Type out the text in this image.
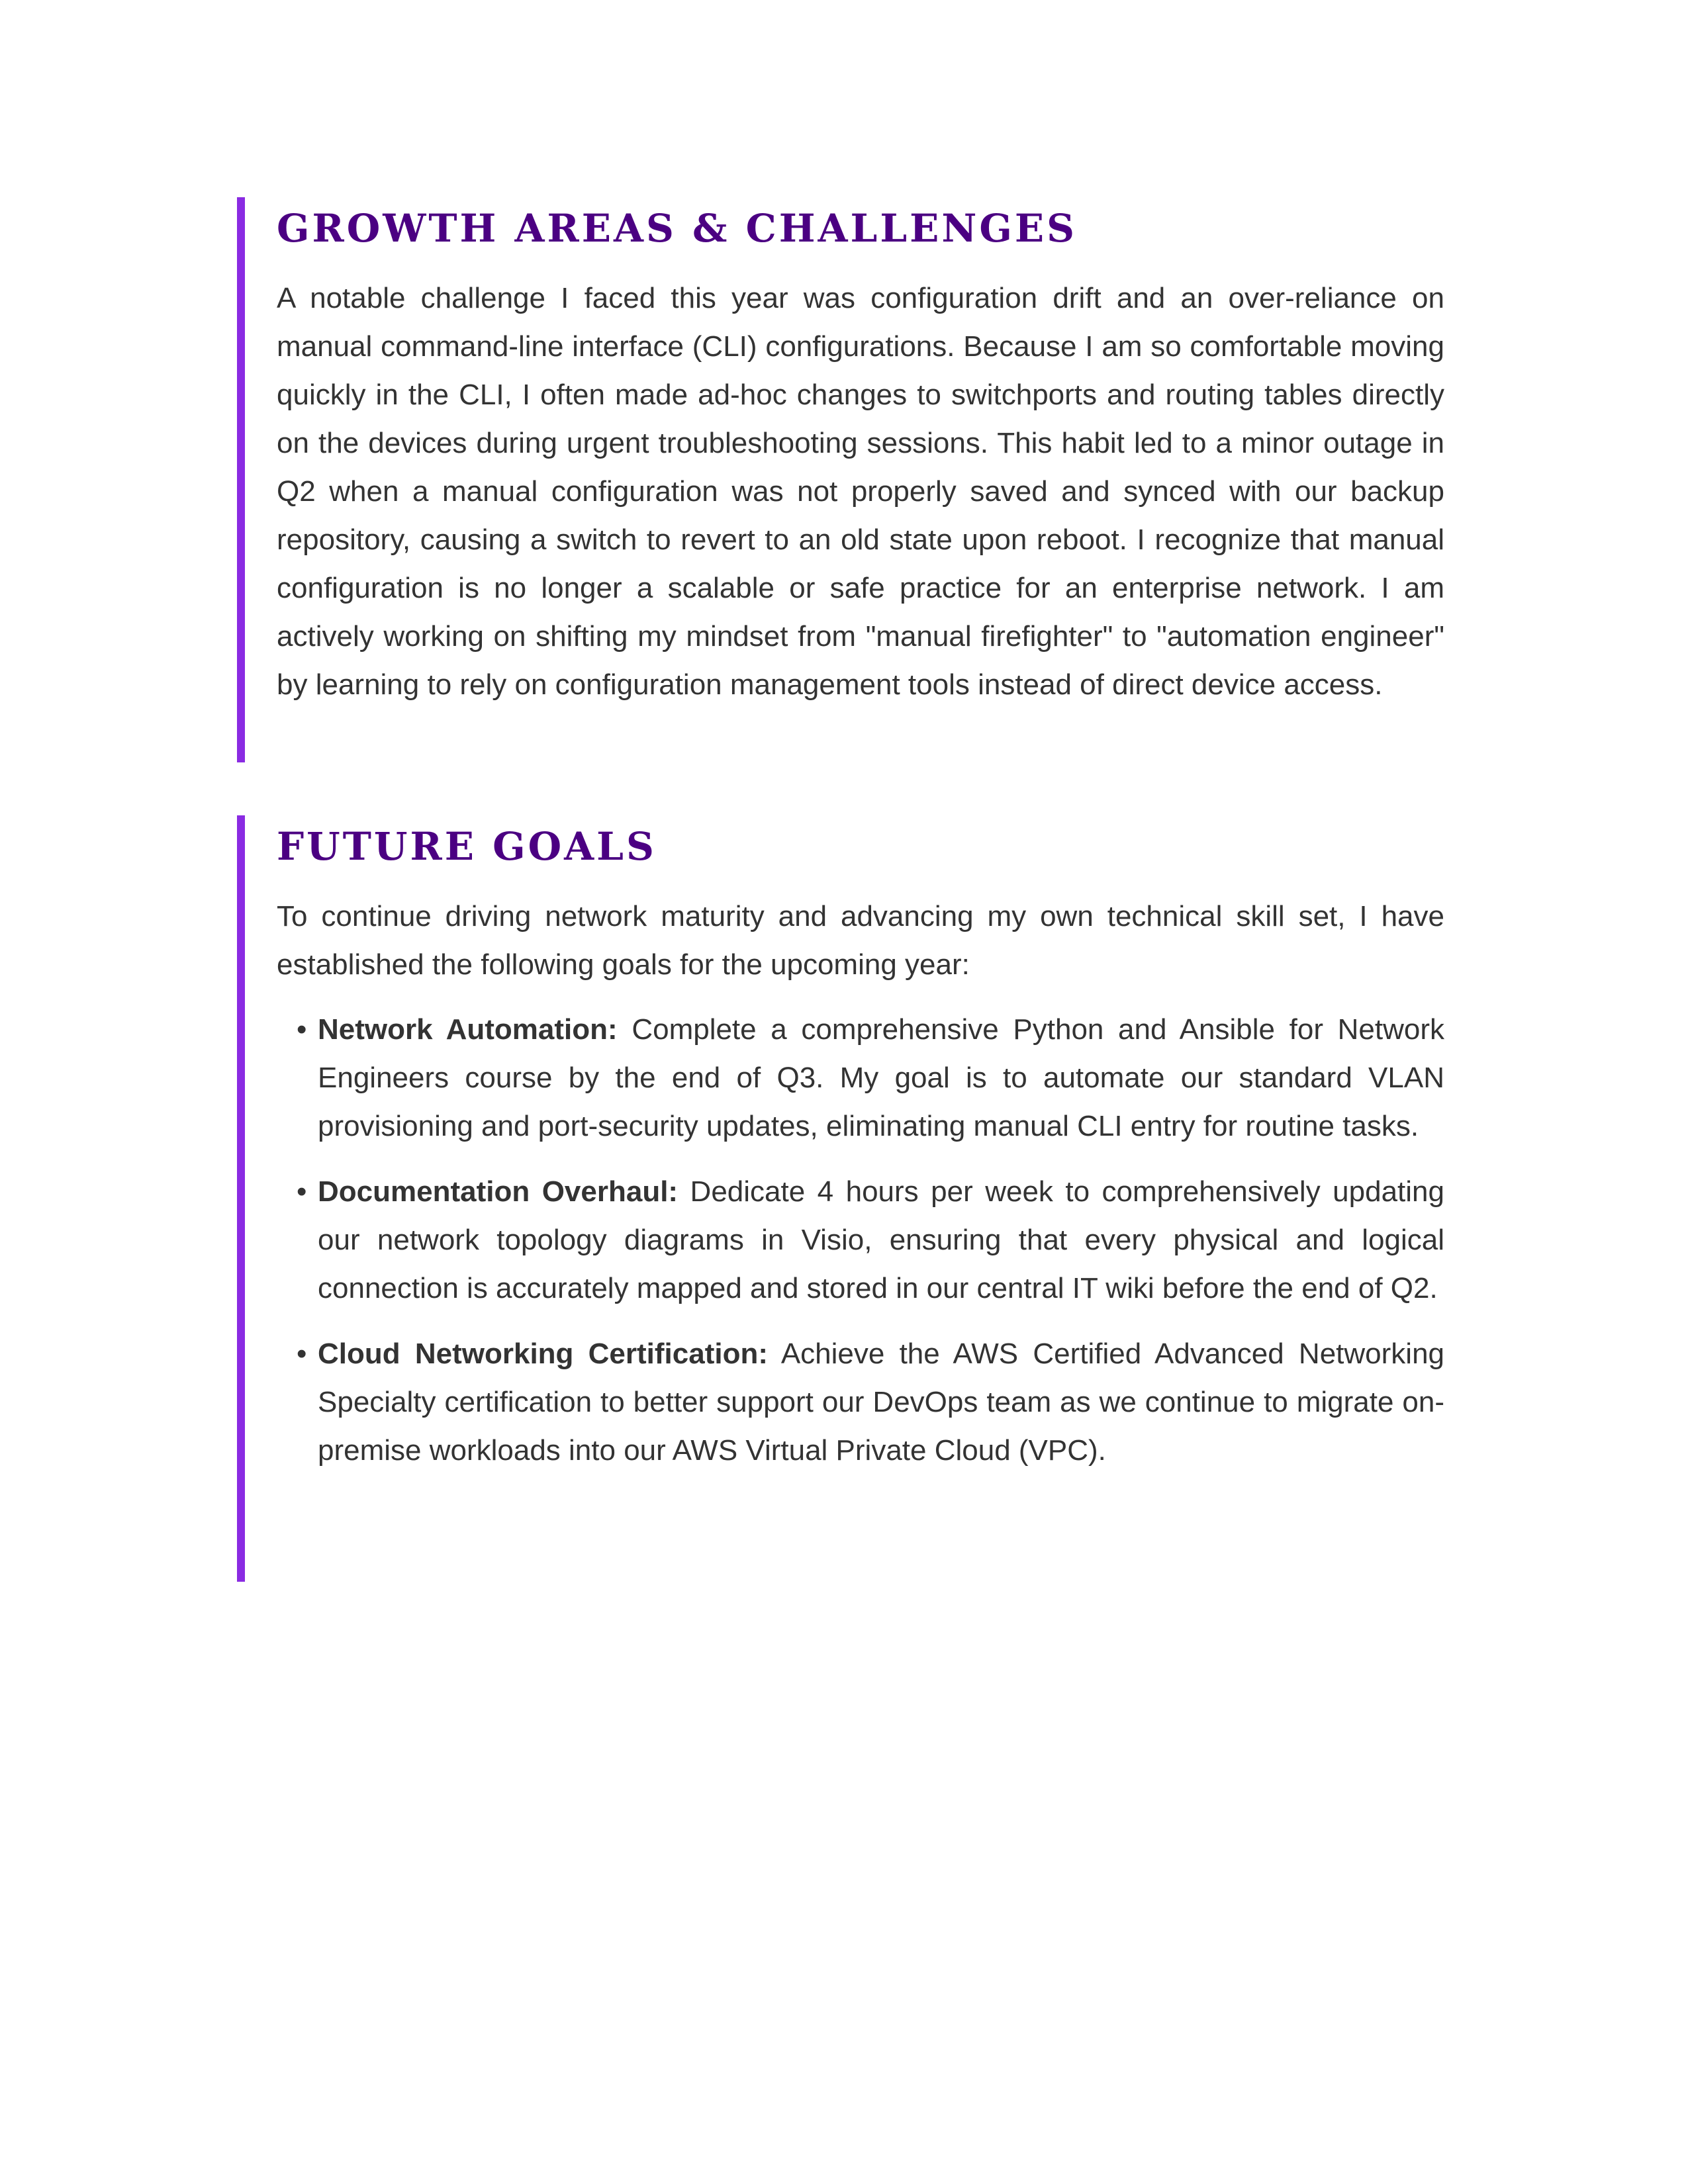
GROWTH AREAS & CHALLENGES

A notable challenge I faced this year was configuration drift and an over-reliance on manual command-line interface (CLI) configurations. Because I am so comfortable moving quickly in the CLI, I often made ad-hoc changes to switchports and routing tables directly on the devices during urgent troubleshooting sessions. This habit led to a minor outage in Q2 when a manual configuration was not properly saved and synced with our backup repository, causing a switch to revert to an old state upon reboot. I recognize that manual configuration is no longer a scalable or safe practice for an enterprise network. I am actively working on shifting my mindset from "manual firefighter" to "automation engineer" by learning to rely on configuration management tools instead of direct device access.

FUTURE GOALS

To continue driving network maturity and advancing my own technical skill set, I have established the following goals for the upcoming year:

• Network Automation: Complete a comprehensive Python and Ansible for Network Engineers course by the end of Q3. My goal is to automate our standard VLAN provisioning and port-security updates, eliminating manual CLI entry for routine tasks.
• Documentation Overhaul: Dedicate 4 hours per week to comprehensively updating our network topology diagrams in Visio, ensuring that every physical and logical connection is accurately mapped and stored in our central IT wiki before the end of Q2.
• Cloud Networking Certification: Achieve the AWS Certified Advanced Networking Specialty certification to better support our DevOps team as we continue to migrate on-premise workloads into our AWS Virtual Private Cloud (VPC).
